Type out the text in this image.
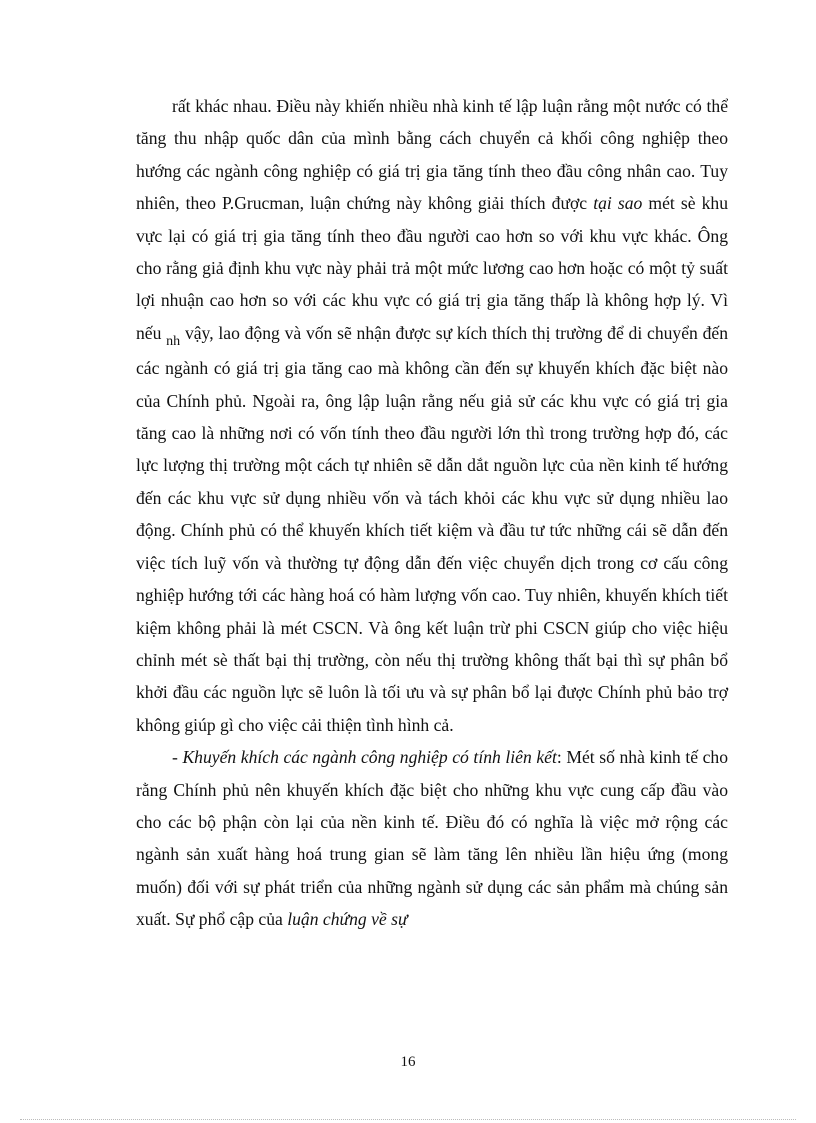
rất khác nhau. Điều này khiến nhiều nhà kinh tế lập luận rằng một nước có thể tăng thu nhập quốc dân của mình bằng cách chuyển cả khối công nghiệp theo hướng các ngành công nghiệp có giá trị gia tăng tính theo đầu công nhân cao. Tuy nhiên, theo P.Grucman, luận chứng này không giải thích được tại sao mét sè khu vực lại có giá trị gia tăng tính theo đầu người cao hơn so với khu vực khác. Ông cho rằng giả định khu vực này phải trả một mức lương cao hơn hoặc có một tỷ suất lợi nhuận cao hơn so với các khu vực có giá trị gia tăng thấp là không hợp lý. Vì nếu $_{nh}$ vậy, lao động và vốn sẽ nhận được sự kích thích thị trường để di chuyển đến các ngành có giá trị gia tăng cao mà không cần đến sự khuyến khích đặc biệt nào của Chính phủ. Ngoài ra, ông lập luận rằng nếu giả sử các khu vực có giá trị gia tăng cao là những nơi có vốn tính theo đầu người lớn thì trong trường hợp đó, các lực lượng thị trường một cách tự nhiên sẽ dẫn dắt nguồn lực của nền kinh tế hướng đến các khu vực sử dụng nhiều vốn và tách khỏi các khu vực sử dụng nhiều lao động. Chính phủ có thể khuyến khích tiết kiệm và đầu tư tức những cái sẽ dẫn đến việc tích luỹ vốn và thường tự động dẫn đến việc chuyển dịch trong cơ cấu công nghiệp hướng tới các hàng hoá có hàm lượng vốn cao. Tuy nhiên, khuyến khích tiết kiệm không phải là mét CSCN. Và ông kết luận trừ phi CSCN giúp cho việc hiệu chỉnh mét sè thất bại thị trường, còn nếu thị trường không thất bại thì sự phân bổ khởi đầu các nguồn lực sẽ luôn là tối ưu và sự phân bổ lại được Chính phủ bảo trợ không giúp gì cho việc cải thiện tình hình cả.

- Khuyến khích các ngành công nghiệp có tính liên kết: Mét số nhà kinh tế cho rằng Chính phủ nên khuyến khích đặc biệt cho những khu vực cung cấp đầu vào cho các bộ phận còn lại của nền kinh tế. Điều đó có nghĩa là việc mở rộng các ngành sản xuất hàng hoá trung gian sẽ làm tăng lên nhiều lần hiệu ứng (mong muốn) đối với sự phát triển của những ngành sử dụng các sản phẩm mà chúng sản xuất. Sự phổ cập của luận chứng về sự

16
